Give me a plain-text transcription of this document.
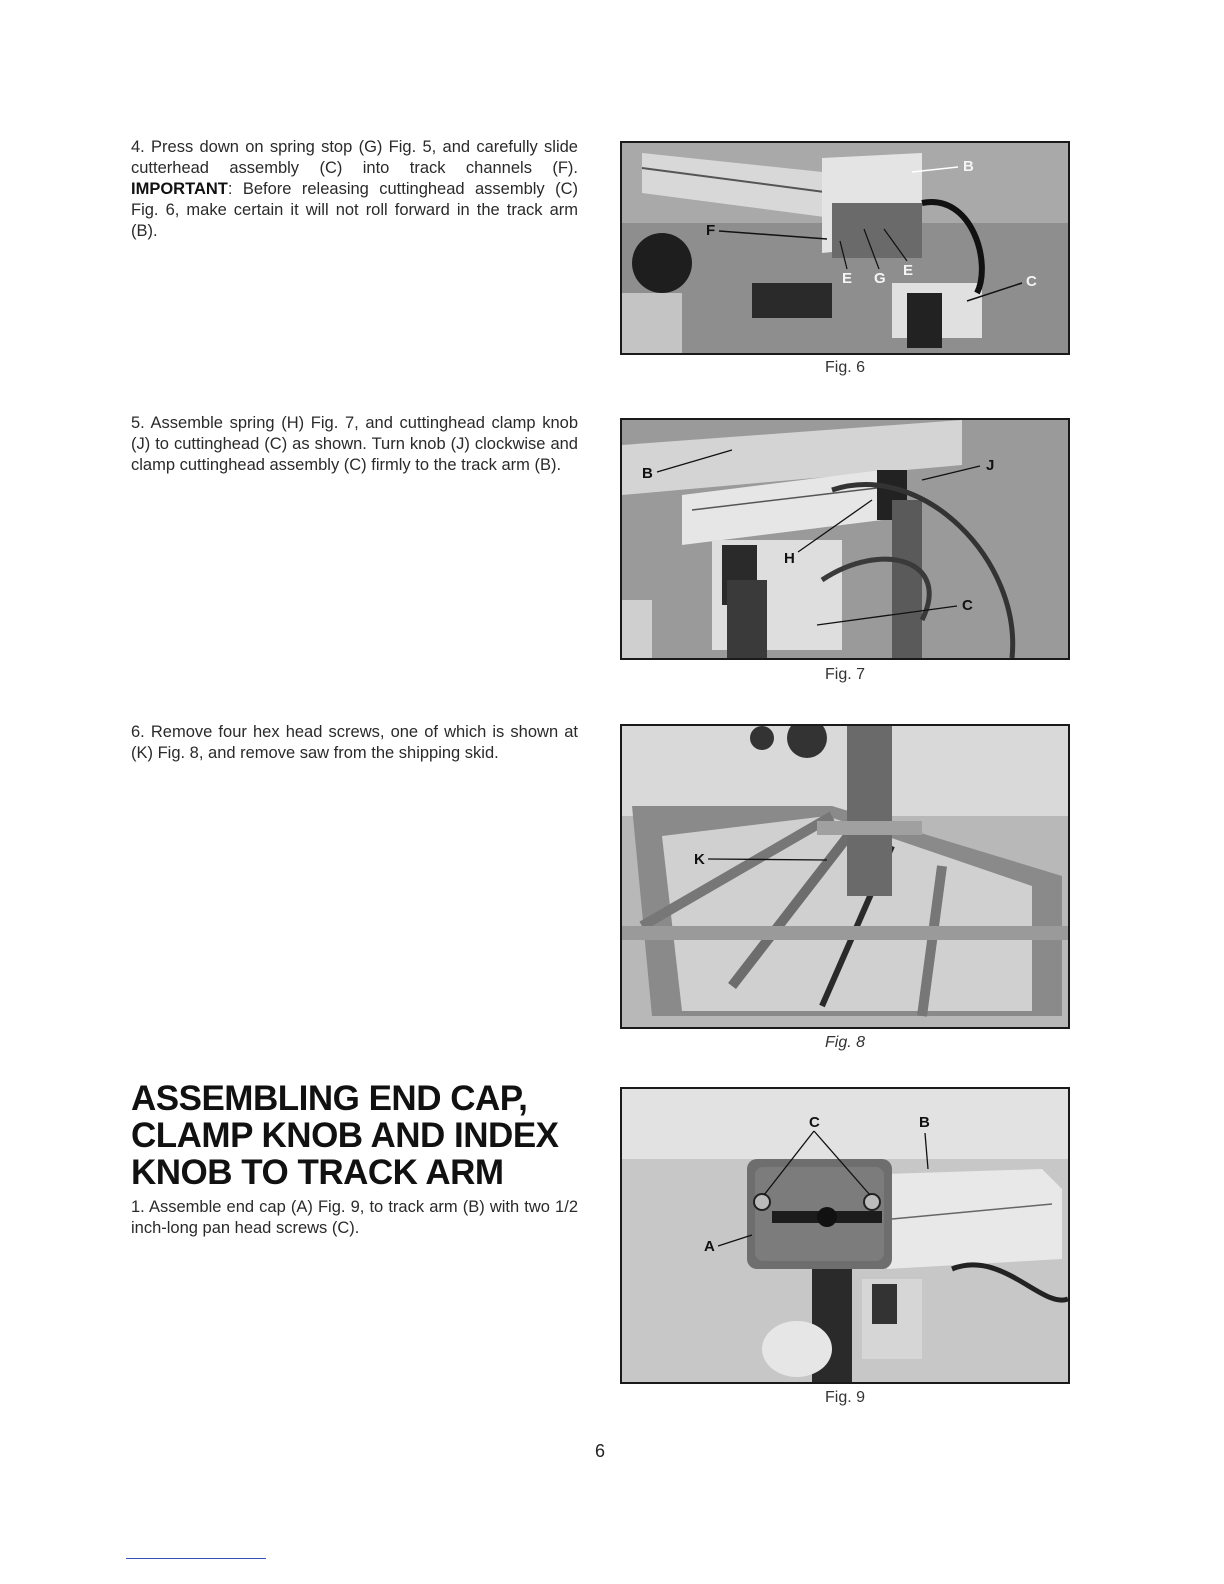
4. Press down on spring stop (G) Fig. 5, and carefully slide cutterhead assembly (C) into track channels (F). IMPORTANT: Before releasing cuttinghead assembly (C) Fig. 6, make certain it will not roll forward in the track arm (B).	F
B
E G E
C
Fig. 6
5. Assemble spring (H) Fig. 7, and cuttinghead clamp knob (J) to cuttinghead (C) as shown. Turn knob (J) clockwise and clamp cuttinghead assembly (C) firmly to the track arm (B).	B	J
H
C
Fig. 7
6. Remove four hex head screws, one of which is shown at (K) Fig. 8, and remove saw from the shipping skid.
K
Fig. 8
ASSEMBLING END CAP, CLAMP KNOB AND INDEX KNOB TO TRACK ARM
1. Assemble end cap (A) Fig. 9, to track arm (B) with two 1/2 inch-long pan head screws (C).
C	B
A
Fig. 9
6
